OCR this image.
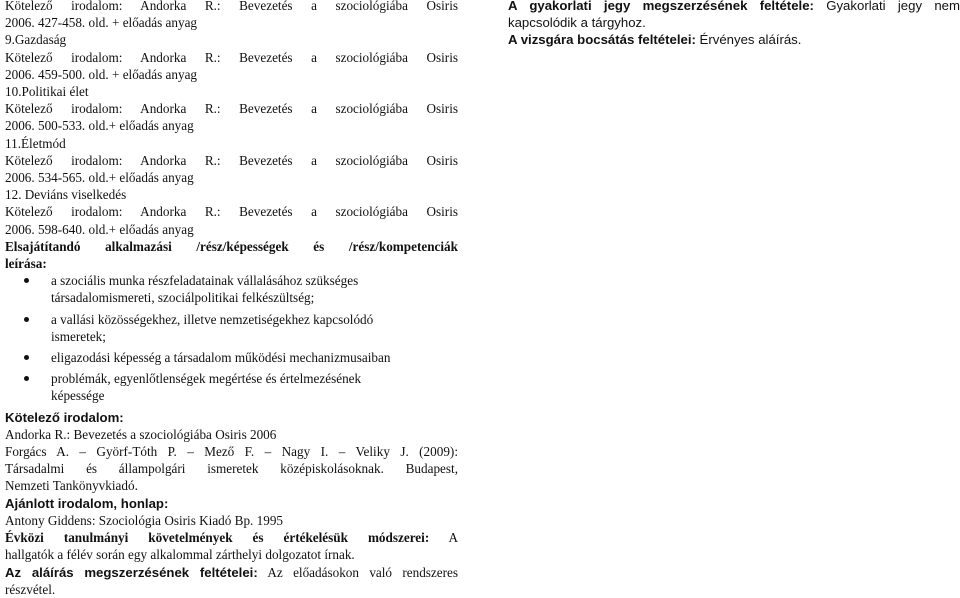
Kötelező irodalom: Andorka R.: Bevezetés a szociológiába Osiris
2006. 427-458. old. + előadás anyag
9.Gazdaság
Kötelező irodalom: Andorka R.: Bevezetés a szociológiába Osiris
2006. 459-500. old. + előadás anyag
10.Politikai élet
Kötelező irodalom: Andorka R.: Bevezetés a szociológiába Osiris
2006. 500-533. old.+ előadás anyag
11.Életmód
Kötelező irodalom: Andorka R.: Bevezetés a szociológiába Osiris
2006. 534-565. old.+ előadás anyag
12. Deviáns viselkedés
Kötelező irodalom: Andorka R.: Bevezetés a szociológiába Osiris
2006. 598-640. old.+ előadás anyag
Elsajátítandó alkalmazási /rész/képességek és /rész/kompetenciák
leírása:
a szociális munka részfeladatainak vállalásához szükséges társadalomismereti, szociálpolitikai felkészültség;
a vallási közösségekhez, illetve nemzetiségekhez kapcsolódó ismeretek;
eligazodási képesség a társadalom működési mechanizmusaiban
problémák, egyenlőtlenségek megértése és értelmezésének képessége
Kötelező irodalom:
Andorka R.: Bevezetés a szociológiába Osiris 2006
Forgács A. – Györf-Tóth P. – Mező F. – Nagy I. – Veliky J. (2009):
Társadalmi és állampolgári ismeretek középiskolásoknak. Budapest,
Nemzeti Tankönyvkiadó.
Ajánlott irodalom, honlap:
Antony Giddens: Szociológia Osiris Kiadó Bp. 1995
Évközi tanulmányi követelmények és értékelésük módszerei: A
hallgatók a félév során egy alkalommal zárthelyi dolgozatot írnak.
Az aláírás megszerzésének feltételei: Az előadásokon való rendszeres
részvétel.
A gyakorlati jegy megszerzésének feltétele: Gyakorlati jegy nem
kapcsolódik a tárgyhoz.
A vizsgára bocsátás feltételei: Érvényes aláírás.
